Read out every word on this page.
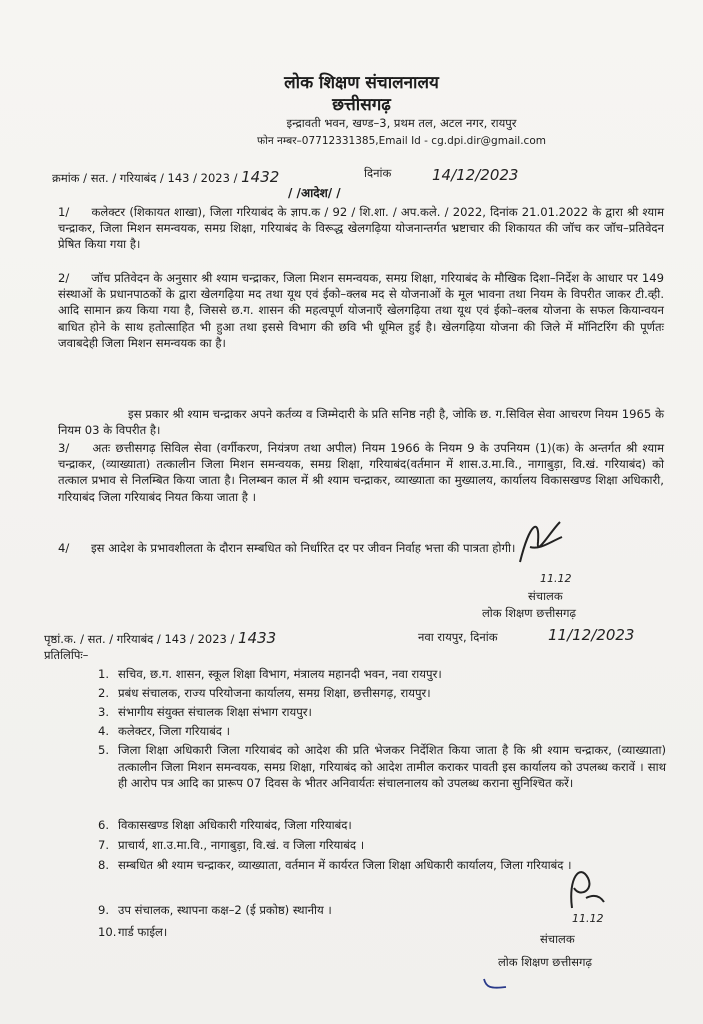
लोक शिक्षण संचालनालय
छत्तीसगढ़
इन्द्रावती भवन, खण्ड–3, प्रथम तल, अटल नगर, रायपुर
फोन नम्बर–07712331385,Email Id - cg.dpi.dir@gmail.com
क्रमांक / सत. / गरियाबंद / 143 / 2023 / 1432	दिनांक	14/12/2023
/ /आदेश/ /
1/ कलेक्टर (शिकायत शाखा), जिला गरियाबंद के ज्ञाप.क / 92 / शि.शा. / अप.कले. / 2022, दिनांक 21.01.2022 के द्वारा श्री श्याम चन्द्राकर, जिला मिशन समन्वयक, समग्र शिक्षा, गरियाबंद के विरूद्ध खेलगढ़िया योजनान्तर्गत भ्रष्टाचार की शिकायत की जॉच कर जॉच–प्रतिवेदन प्रेषित किया गया है।
2/ जॉच प्रतिवेदन के अनुसार श्री श्याम चन्द्राकर, जिला मिशन समन्वयक, समग्र शिक्षा, गरियाबंद के मौखिक दिशा–निर्देश के आधार पर 149 संस्थाओं के प्रधानपाठकों के द्वारा खेलगढ़िया मद तथा यूथ एवं ईको–क्लब मद से योजनाओं के मूल भावना तथा नियम के विपरीत जाकर टी.व्ही. आदि सामान क्रय किया गया है, जिससे छ.ग. शासन की महत्वपूर्ण योजनाएँ खेलगढ़िया तथा यूथ एवं ईको–क्लब योजना के सफल कियान्वयन बाधित होने के साथ हतोत्साहित भी हुआ तथा इससे विभाग की छवि भी धूमिल हुई है। खेलगढ़िया योजना की जिले में मॉनिटरिंग की पूर्णतः जवाबदेही जिला मिशन समन्वयक का है।
इस प्रकार श्री श्याम चन्द्राकर अपने कर्तव्य व जिम्मेदारी के प्रति सनिष्ठ नही है, जोकि छ. ग.सिविल सेवा आचरण नियम 1965 के नियम 03 के विपरीत है।
3/ अतः छत्तीसगढ़ सिविल सेवा (वर्गीकरण, नियंत्रण तथा अपील) नियम 1966 के नियम 9 के उपनियम (1)(क) के अन्तर्गत श्री श्याम चन्द्राकर, (व्याख्याता) तत्कालीन जिला मिशन समन्वयक, समग्र शिक्षा, गरियाबंद(वर्तमान में शास.उ.मा.वि., नागाबुड़ा, वि.खं. गरियाबंद) को तत्काल प्रभाव से निलम्बित किया जाता है। निलम्बन काल में श्री श्याम चन्द्राकर, व्याख्याता का मुख्यालय, कार्यालय विकासखण्ड शिक्षा अधिकारी, गरियाबंद जिला गरियाबंद नियत किया जाता है ।
4/ इस आदेश के प्रभावशीलता के दौरान सम्बधित को निर्धारित दर पर जीवन निर्वाह भत्ता की पात्रता होगी।
11.12
संचालक
लोक शिक्षण छत्तीसगढ़
पृष्ठां.क. / सत. / गरियाबंद / 143 / 2023 / 1433	नवा रायपुर, दिनांक	11/12/2023
प्रतिलिपिः–
1. सचिव, छ.ग. शासन, स्कूल शिक्षा विभाग, मंत्रालय महानदी भवन, नवा रायपुर।
2. प्रबंध संचालक, राज्य परियोजना कार्यालय, समग्र शिक्षा, छत्तीसगढ़, रायपुर।
3. संभागीय संयुक्त संचालक शिक्षा संभाग रायपुर।
4. कलेक्टर, जिला गरियाबंद ।
5. जिला शिक्षा अधिकारी जिला गरियाबंद को आदेश की प्रति भेजकर निर्देशित किया जाता है कि श्री श्याम चन्द्राकर, (व्याख्याता) तत्कालीन जिला मिशन समन्वयक, समग्र शिक्षा, गरियाबंद को आदेश तामील कराकर पावती इस कार्यालय को उपलब्ध करावें । साथ ही आरोप पत्र आदि का प्रारूप 07 दिवस के भीतर अनिवार्यतः संचालनालय को उपलब्ध कराना सुनिश्चित करें।
6. विकासखण्ड शिक्षा अधिकारी गरियाबंद, जिला गरियाबंद।
7. प्राचार्य, शा.उ.मा.वि., नागाबुड़ा, वि.खं. व जिला गरियाबंद ।
8. सम्बधित श्री श्याम चन्द्राकर, व्याख्याता, वर्तमान में कार्यरत जिला शिक्षा अधिकारी कार्यालय, जिला गरियाबंद ।
9. उप संचालक, स्थापना कक्ष–2 (ई प्रकोष्ठ) स्थानीय ।
10. गार्ड फाईल।
11.12
संचालक
लोक शिक्षण छत्तीसगढ़
